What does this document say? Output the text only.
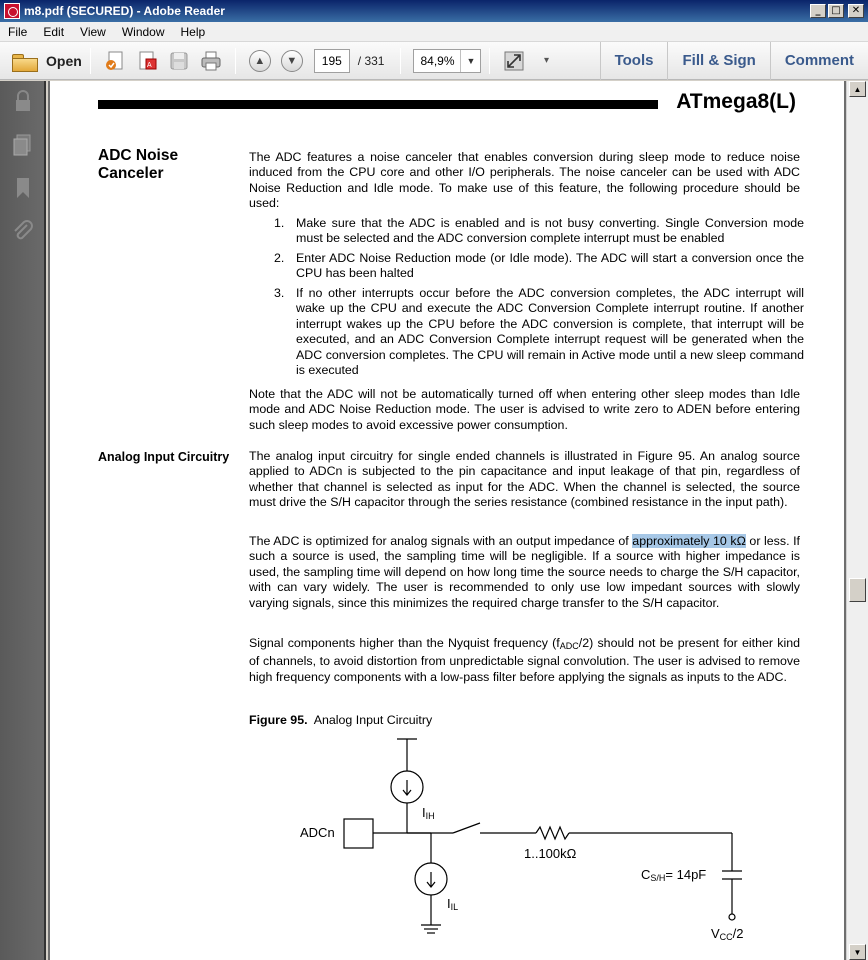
m8.pdf (SECURED) - Adobe Reader	_	□	✕
File	Edit	View	Window	Help
Open	A	▲	▼	195	/ 331	84,9%	▼	▾	Tools	Fill & Sign	Comment
ATmega8(L)
ADC Noise
Canceler
The ADC features a noise canceler that enables conversion during sleep mode to reduce noise induced from the CPU core and other I/O peripherals. The noise canceler can be used with ADC Noise Reduction and Idle mode. To make use of this feature, the following procedure should be used:
1. Make sure that the ADC is enabled and is not busy converting. Single Conversion mode must be selected and the ADC conversion complete interrupt must be enabled
2. Enter ADC Noise Reduction mode (or Idle mode). The ADC will start a conversion once the CPU has been halted
3. If no other interrupts occur before the ADC conversion completes, the ADC interrupt will wake up the CPU and execute the ADC Conversion Complete interrupt routine. If another interrupt wakes up the CPU before the ADC conversion is complete, that interrupt will be executed, and an ADC Conversion Complete interrupt request will be generated when the ADC conversion completes. The CPU will remain in Active mode until a new sleep command is executed
Note that the ADC will not be automatically turned off when entering other sleep modes than Idle mode and ADC Noise Reduction mode. The user is advised to write zero to ADEN before entering such sleep modes to avoid excessive power consumption.
Analog Input Circuitry The analog input circuitry for single ended channels is illustrated in Figure 95. An analog source applied to ADCn is subjected to the pin capacitance and input leakage of that pin, regardless of whether that channel is selected as input for the ADC. When the channel is selected, the source must drive the S/H capacitor through the series resistance (combined resistance in the input path).
The ADC is optimized for analog signals with an output impedance of approximately 10 kΩ or less. If such a source is used, the sampling time will be negligible. If a source with higher impedance is used, the sampling time will depend on how long time the source needs to charge the S/H capacitor, with can vary widely. The user is recommended to only use low impedant sources with slowly varying signals, since this minimizes the required charge transfer to the S/H capacitor.
Signal components higher than the Nyquist frequency $(f_{ADC}/2)$ should not be present for either kind of channels, to avoid distortion from unpredictable signal convolution. The user is advised to remove high frequency components with a low-pass filter before applying the signals as inputs to the ADC.
Figure 95. Analog Input Circuitry
ADCn
$I_{IH}$
$I_{IL}$
1..100kΩ
$C_{S/H}= 14pF$
$V_{CC}/2$
▲
▼
